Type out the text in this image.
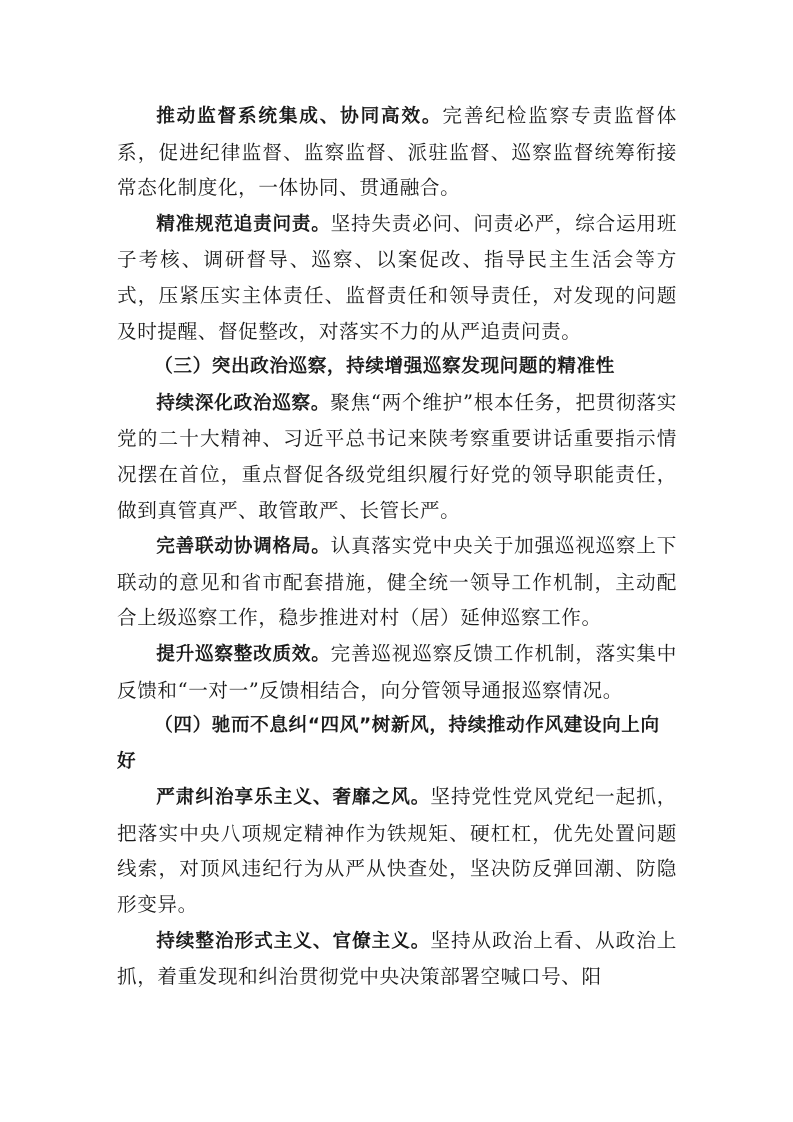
推动监督系统集成、协同高效。完善纪检监察专责监督体系，促进纪律监督、监察监督、派驻监督、巡察监督统筹衔接常态化制度化，一体协同、贯通融合。

精准规范追责问责。坚持失责必问、问责必严，综合运用班子考核、调研督导、巡察、以案促改、指导民主生活会等方式，压紧压实主体责任、监督责任和领导责任，对发现的问题及时提醒、督促整改，对落实不力的从严追责问责。

（三）突出政治巡察，持续增强巡察发现问题的精准性

持续深化政治巡察。聚焦“两个维护”根本任务，把贯彻落实党的二十大精神、习近平总书记来陕考察重要讲话重要指示情况摆在首位，重点督促各级党组织履行好党的领导职能责任，做到真管真严、敢管敢严、长管长严。

完善联动协调格局。认真落实党中央关于加强巡视巡察上下联动的意见和省市配套措施，健全统一领导工作机制，主动配合上级巡察工作，稳步推进对村（居）延伸巡察工作。

提升巡察整改质效。完善巡视巡察反馈工作机制，落实集中反馈和“一对一”反馈相结合，向分管领导通报巡察情况。

（四）驰而不息纠“四风”树新风，持续推动作风建设向上向好

严肃纠治享乐主义、奢靡之风。坚持党性党风党纪一起抓，把落实中央八项规定精神作为铁规矩、硬杠杠，优先处置问题线索，对顶风违纪行为从严从快查处，坚决防反弹回潮、防隐形变异。

持续整治形式主义、官僚主义。坚持从政治上看、从政治上抓，着重发现和纠治贯彻党中央决策部署空喊口号、阳
